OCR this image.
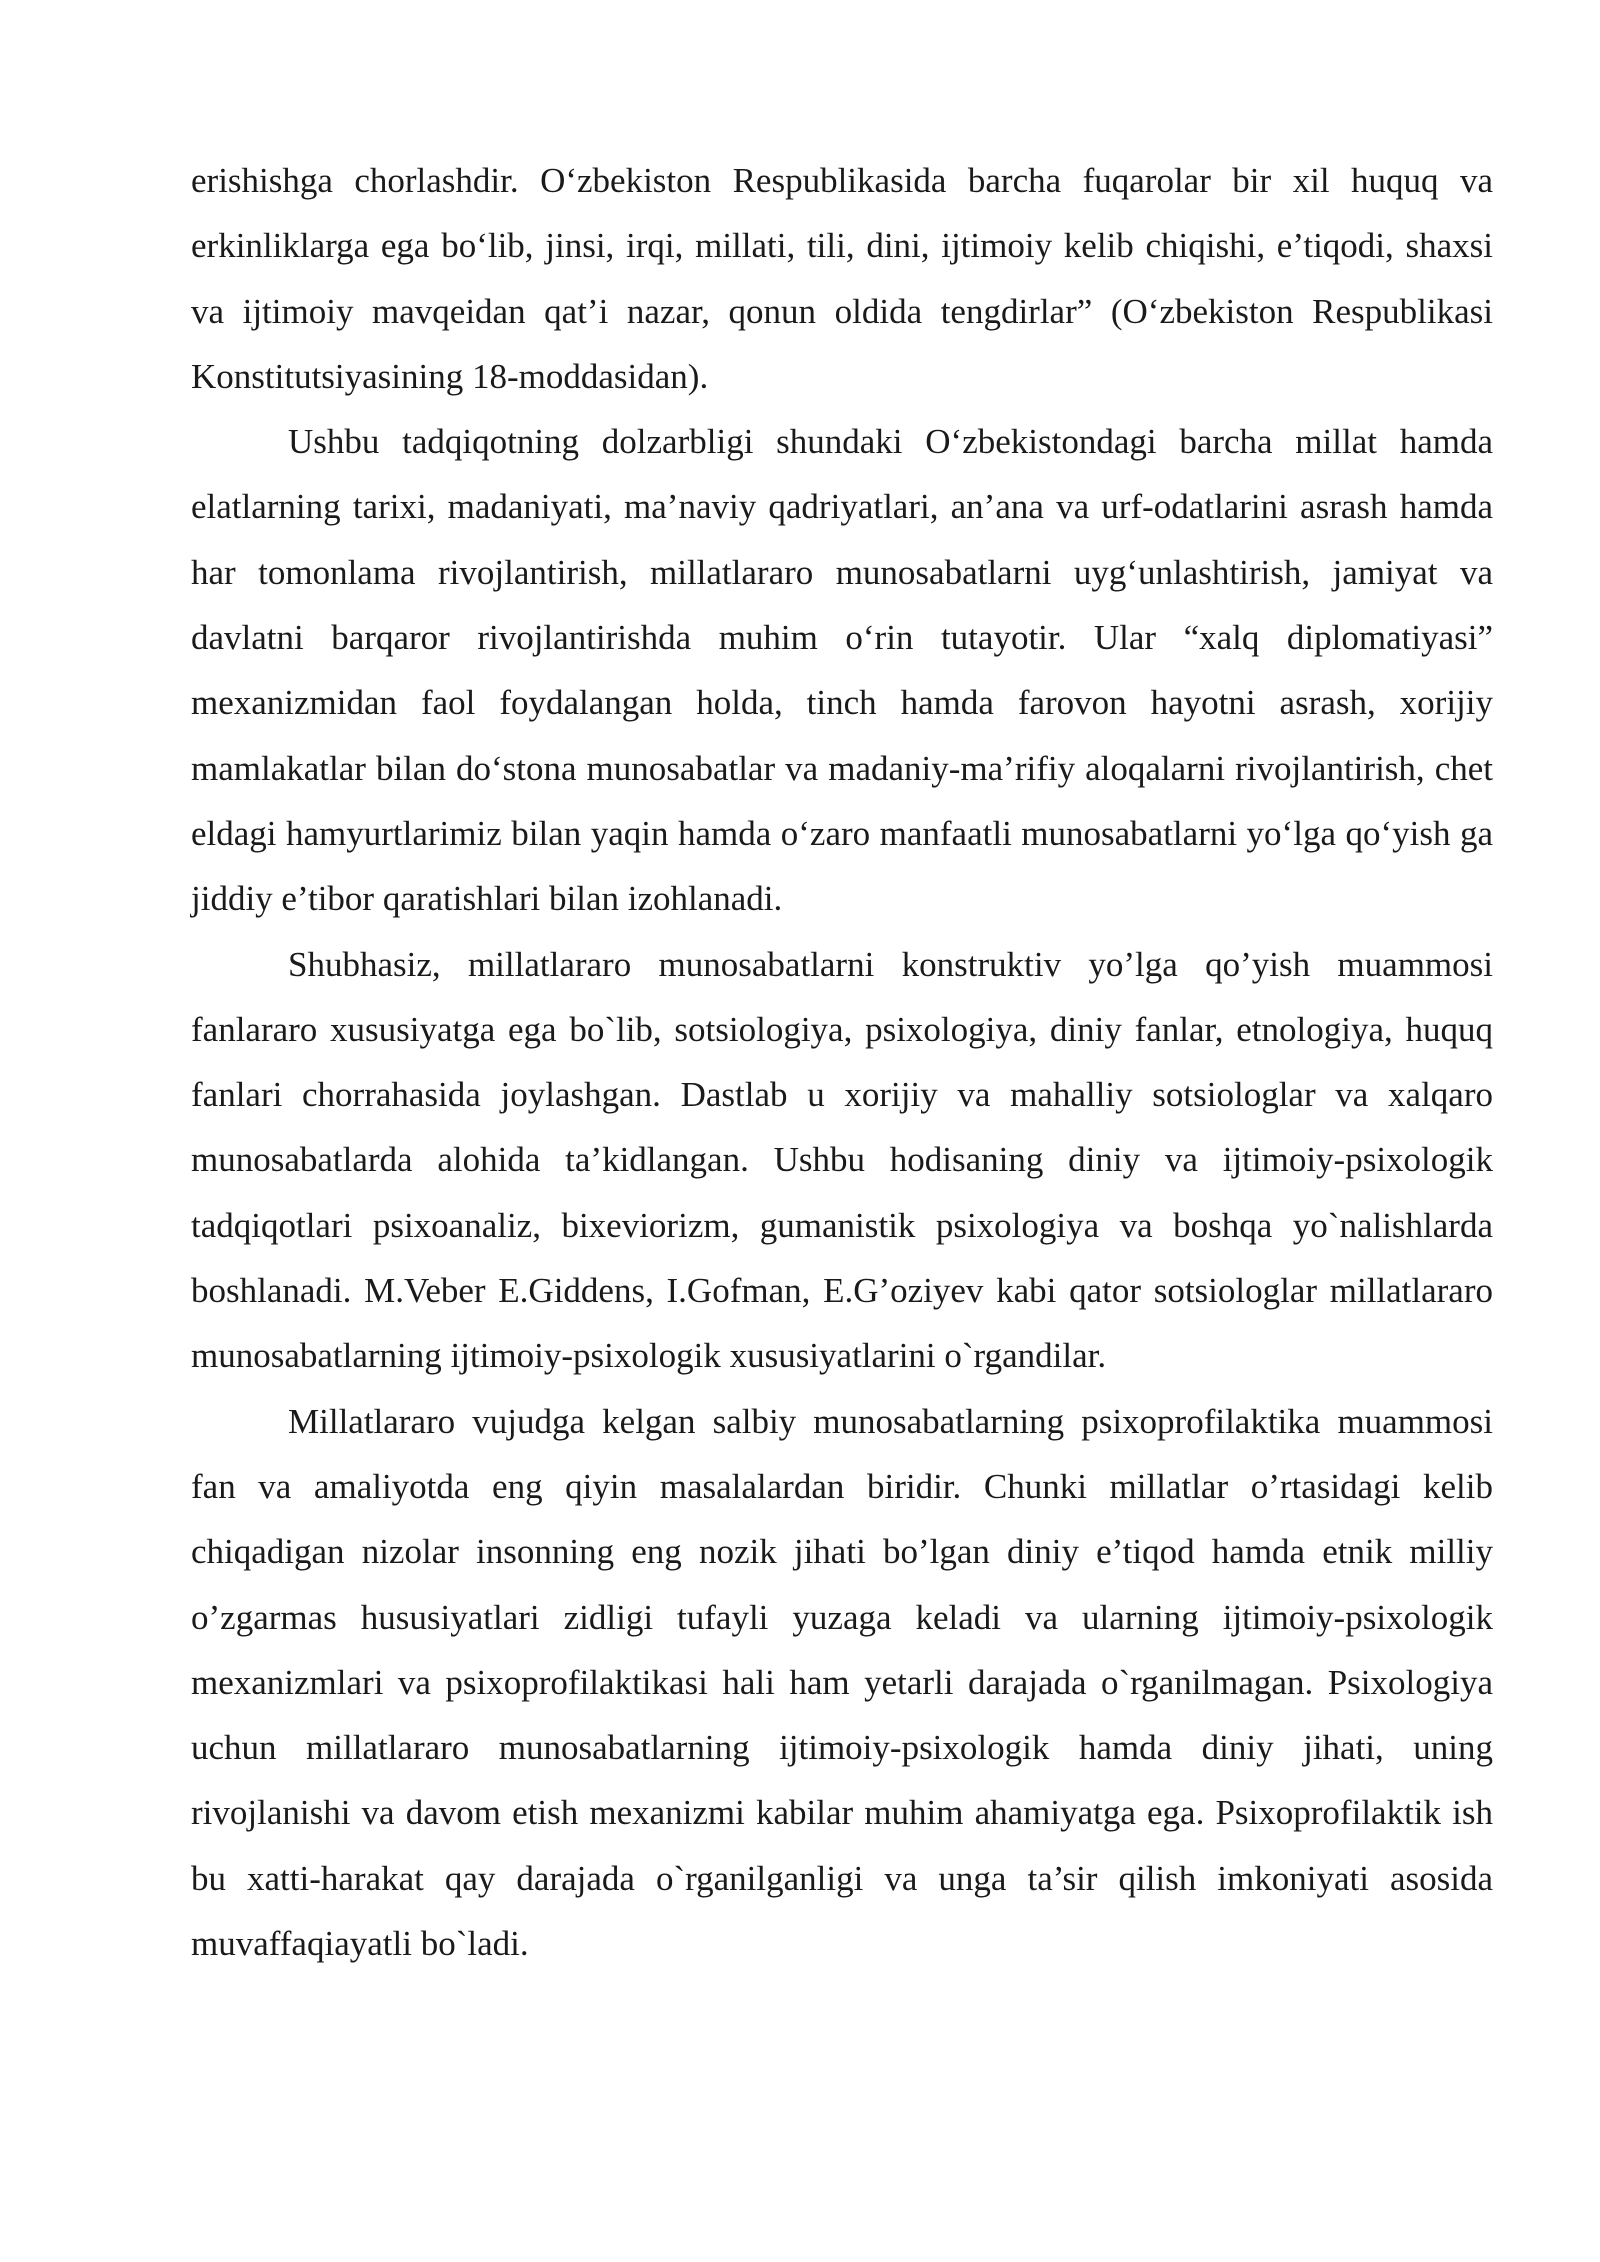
erishishga chorlashdir. O‘zbekiston Respublikasida barcha fuqarolar bir xil huquq va erkinliklarga ega bo‘lib, jinsi, irqi, millati, tili, dini, ijtimoiy kelib chiqishi, e’tiqodi, shaxsi va ijtimoiy mavqeidan qat’i nazar, qonun oldida tengdirlar” (O‘zbekiston Respublikasi Konstitutsiyasining 18-moddasidan).

Ushbu tadqiqotning dolzarbligi shundaki O‘zbekistondagi barcha millat hamda elatlarning tarixi, madaniyati, ma’naviy qadriyatlari, an’ana va urf-odatlarini asrash hamda har tomonlama rivojlantirish, millatlararo munosabatlarni uyg‘unlashtirish, jamiyat va davlatni barqaror rivojlantirishda muhim o‘rin tutayotir. Ular “xalq diplomatiyasi” mexanizmidan faol foydalangan holda, tinch hamda farovon hayotni asrash, xorijiy mamlakatlar bilan do‘stona munosabatlar va madaniy-ma’rifiy aloqalarni rivojlantirish, chet eldagi hamyurtlarimiz bilan yaqin hamda o‘zaro manfaatli munosabatlarni yo‘lga qo‘yish ga jiddiy e’tibor qaratishlari bilan izohlanadi.

Shubhasiz, millatlararo munosabatlarni konstruktiv yo’lga qo’yish muammosi fanlararo xususiyatga ega bo`lib, sotsiologiya, psixologiya, diniy fanlar, etnologiya, huquq fanlari chorrahasida joylashgan. Dastlab u xorijiy va mahalliy sotsiologlar va xalqaro munosabatlarda alohida ta’kidlangan. Ushbu hodisaning diniy va ijtimoiy-psixologik tadqiqotlari psixoanaliz, bixeviorizm, gumanistik psixologiya va boshqa yo`nalishlarda boshlanadi. M.Veber E.Giddens, I.Gofman, E.G’oziyev kabi qator sotsiologlar millatlararo munosabatlarning ijtimoiy-psixologik xususiyatlarini o`rgandilar.

Millatlararo vujudga kelgan salbiy munosabatlarning psixoprofilaktika muammosi fan va amaliyotda eng qiyin masalalardan biridir. Chunki millatlar o’rtasidagi kelib chiqadigan nizolar insonning eng nozik jihati bo’lgan diniy e’tiqod hamda etnik milliy o’zgarmas hususiyatlari zidligi tufayli yuzaga keladi va ularning ijtimoiy-psixologik mexanizmlari va psixoprofilaktikasi hali ham yetarli darajada o`rganilmagan. Psixologiya uchun millatlararo munosabatlarning ijtimoiy-psixologik hamda diniy jihati, uning rivojlanishi va davom etish mexanizmi kabilar muhim ahamiyatga ega. Psixoprofilaktik ish bu xatti-harakat qay darajada o`rganilganligi va unga ta’sir qilish imkoniyati asosida muvaffaqiayatli bo`ladi.
